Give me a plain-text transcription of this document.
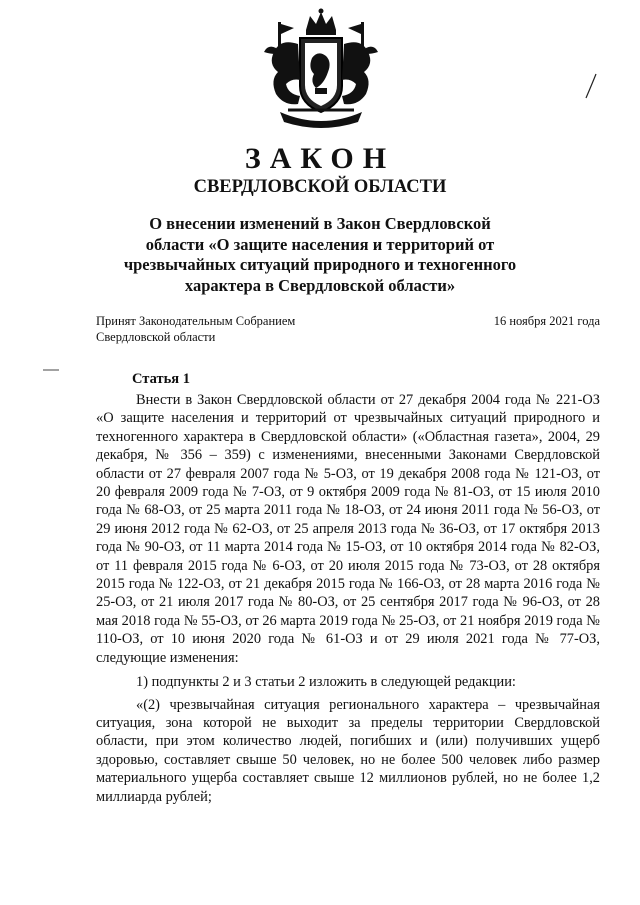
ЗАКОН
СВЕРДЛОВСКОЙ ОБЛАСТИ
О внесении изменений в Закон Свердловской области «О защите населения и территорий от чрезвычайных ситуаций природного и техногенного характера в Свердловской области»
Принят Законодательным Собранием
Свердловской области
16 ноября 2021 года
Статья 1

Внести в Закон Свердловской области от 27 декабря 2004 года № 221-ОЗ «О защите населения и территорий от чрезвычайных ситуаций природного и техногенного характера в Свердловской области» («Областная газета», 2004, 29 декабря, № 356 – 359) с изменениями, внесенными Законами Свердловской области от 27 февраля 2007 года № 5-ОЗ, от 19 декабря 2008 года № 121-ОЗ, от 20 февраля 2009 года № 7-ОЗ, от 9 октября 2009 года № 81-ОЗ, от 15 июля 2010 года № 68-ОЗ, от 25 марта 2011 года № 18-ОЗ, от 24 июня 2011 года № 56-ОЗ, от 29 июня 2012 года № 62-ОЗ, от 25 апреля 2013 года № 36-ОЗ, от 17 октября 2013 года № 90-ОЗ, от 11 марта 2014 года № 15-ОЗ, от 10 октября 2014 года № 82-ОЗ, от 11 февраля 2015 года № 6-ОЗ, от 20 июля 2015 года № 73-ОЗ, от 28 октября 2015 года № 122-ОЗ, от 21 декабря 2015 года № 166-ОЗ, от 28 марта 2016 года № 25-ОЗ, от 21 июля 2017 года № 80-ОЗ, от 25 сентября 2017 года № 96-ОЗ, от 28 мая 2018 года № 55-ОЗ, от 26 марта 2019 года № 25-ОЗ, от 21 ноября 2019 года № 110-ОЗ, от 10 июня 2020 года № 61-ОЗ и от 29 июля 2021 года № 77-ОЗ, следующие изменения:

1) подпункты 2 и 3 статьи 2 изложить в следующей редакции:

«(2) чрезвычайная ситуация регионального характера – чрезвычайная ситуация, зона которой не выходит за пределы территории Свердловской области, при этом количество людей, погибших и (или) получивших ущерб здоровью, составляет свыше 50 человек, но не более 500 человек либо размер материального ущерба составляет свыше 12 миллионов рублей, но не более 1,2 миллиарда рублей;
